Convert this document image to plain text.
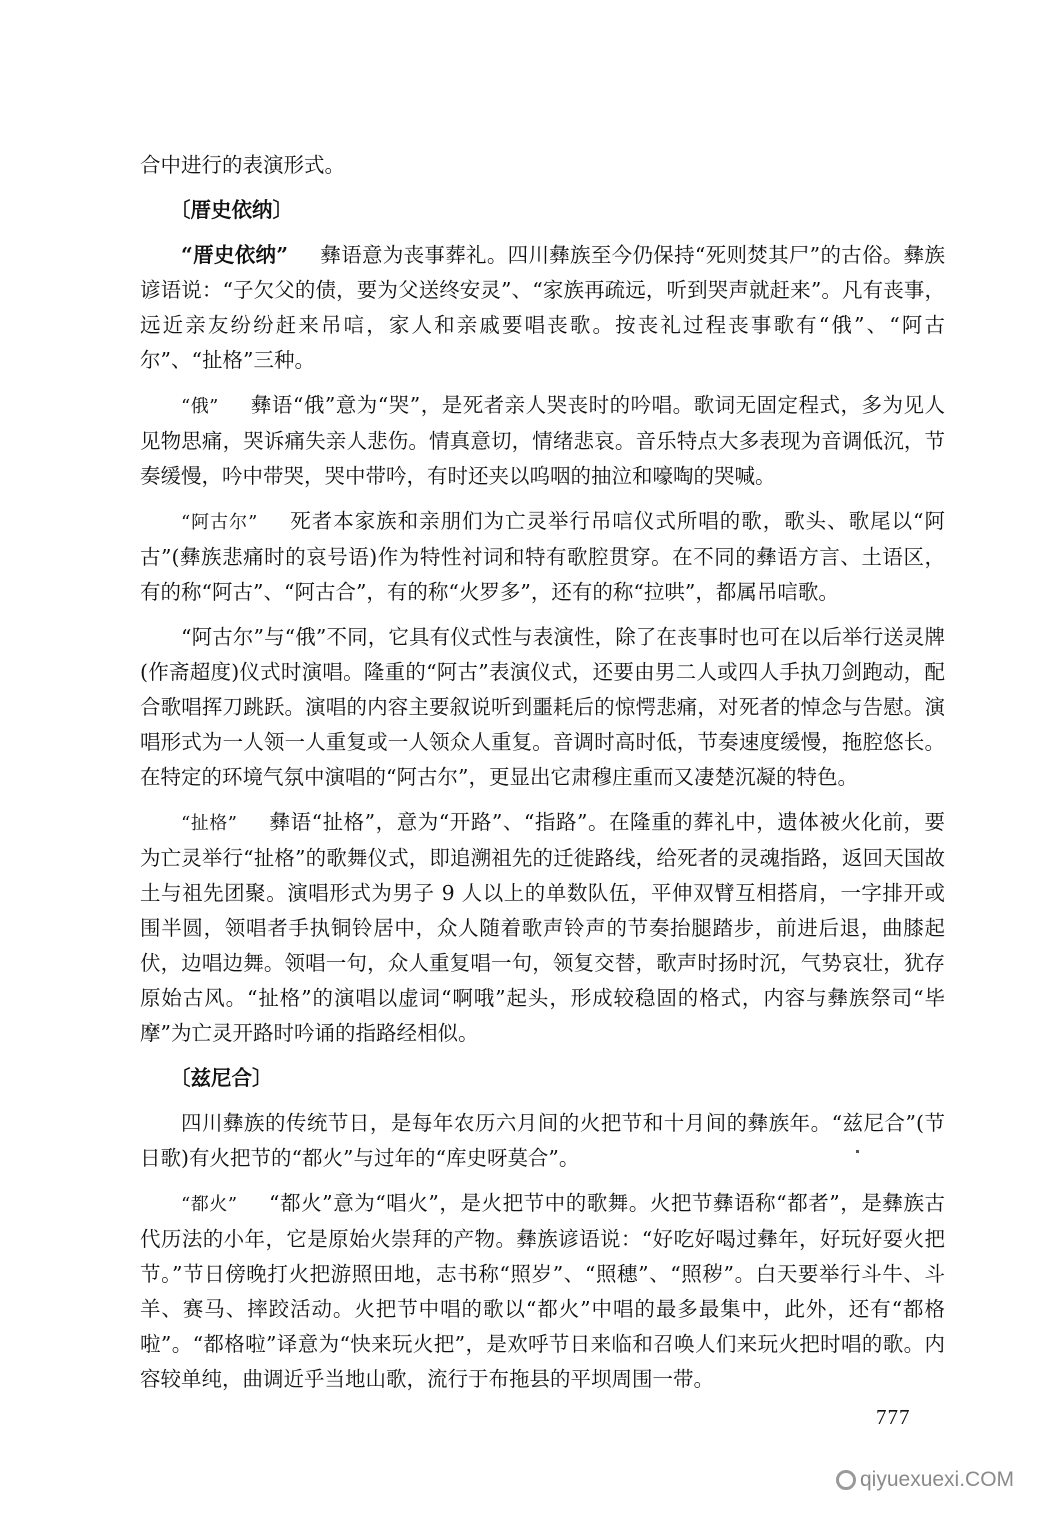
合中进行的表演形式。

〔厝史依纳〕

“厝史依纳” 彝语意为丧事葬礼。四川彝族至今仍保持“死则焚其尸”的古俗。彝族谚语说：“子欠父的债，要为父送终安灵”、“家族再疏远，听到哭声就赶来”。凡有丧事，远近亲友纷纷赶来吊唁，家人和亲戚要唱丧歌。按丧礼过程丧事歌有“俄”、“阿古尔”、“扯格”三种。

“俄” 彝语“俄”意为“哭”，是死者亲人哭丧时的吟唱。歌词无固定程式，多为见人见物思痛，哭诉痛失亲人悲伤。情真意切，情绪悲哀。音乐特点大多表现为音调低沉，节奏缓慢，吟中带哭，哭中带吟，有时还夹以呜咽的抽泣和嚎啕的哭喊。

“阿古尔” 死者本家族和亲朋们为亡灵举行吊唁仪式所唱的歌，歌头、歌尾以“阿古”(彝族悲痛时的哀号语)作为特性衬词和特有歌腔贯穿。在不同的彝语方言、土语区，有的称“阿古”、“阿古合”，有的称“火罗多”，还有的称“拉哄”，都属吊唁歌。

“阿古尔”与“俄”不同，它具有仪式性与表演性，除了在丧事时也可在以后举行送灵牌(作斋超度)仪式时演唱。隆重的“阿古”表演仪式，还要由男二人或四人手执刀剑跑动，配合歌唱挥刀跳跃。演唱的内容主要叙说听到噩耗后的惊愕悲痛，对死者的悼念与告慰。演唱形式为一人领一人重复或一人领众人重复。音调时高时低，节奏速度缓慢，拖腔悠长。在特定的环境气氛中演唱的“阿古尔”，更显出它肃穆庄重而又凄楚沉凝的特色。

“扯格” 彝语“扯格”，意为“开路”、“指路”。在隆重的葬礼中，遗体被火化前，要为亡灵举行“扯格”的歌舞仪式，即追溯祖先的迁徙路线，给死者的灵魂指路，返回天国故土与祖先团聚。演唱形式为男子 9 人以上的单数队伍，平伸双臂互相搭肩，一字排开或围半圆，领唱者手执铜铃居中，众人随着歌声铃声的节奏抬腿踏步，前进后退，曲膝起伏，边唱边舞。领唱一句，众人重复唱一句，领复交替，歌声时扬时沉，气势哀壮，犹存原始古风。“扯格”的演唱以虚词“啊哦”起头，形成较稳固的格式，内容与彝族祭司“毕摩”为亡灵开路时吟诵的指路经相似。

〔兹尼合〕

四川彝族的传统节日，是每年农历六月间的火把节和十月间的彝族年。“兹尼合”(节日歌)有火把节的“都火”与过年的“库史呀莫合”。

“都火” “都火”意为“唱火”，是火把节中的歌舞。火把节彝语称“都者”，是彝族古代历法的小年，它是原始火崇拜的产物。彝族谚语说：“好吃好喝过彝年，好玩好耍火把节。”节日傍晚打火把游照田地，志书称“照岁”、“照穗”、“照秽”。白天要举行斗牛、斗羊、赛马、摔跤活动。火把节中唱的歌以“都火”中唱的最多最集中，此外，还有“都格啦”。“都格啦”译意为“快来玩火把”，是欢呼节日来临和召唤人们来玩火把时唱的歌。内容较单纯，曲调近乎当地山歌，流行于布拖县的平坝周围一带。

777
qiyuexuexi.COM
